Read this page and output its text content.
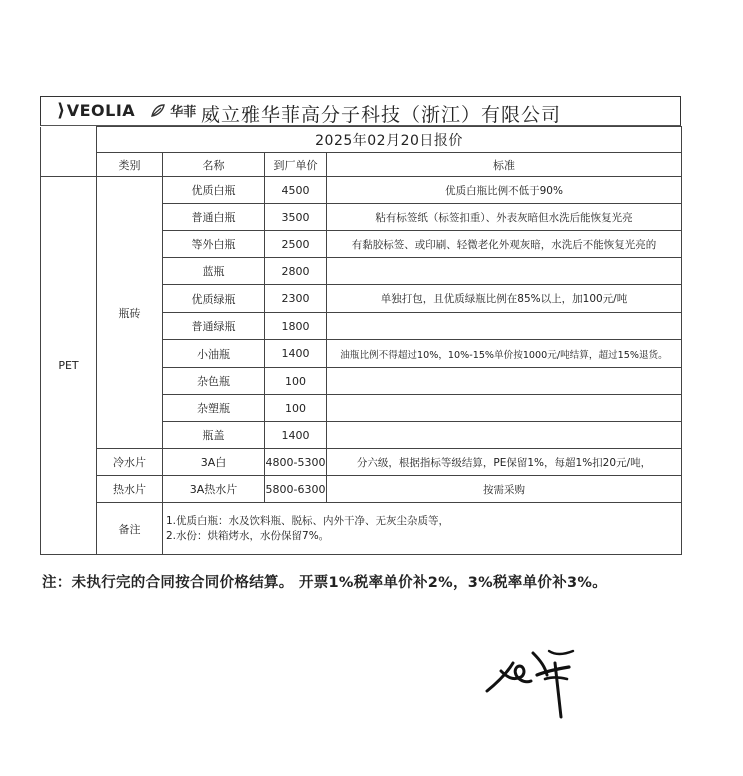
⟩VEOLIA	华菲 威立雅华菲高分子科技（浙江）有限公司
	2025年02月20日报价			
	类别	名称	到厂单价	标准
PET	瓶砖	优质白瓶	4500	优质白瓶比例不低于90%
		普通白瓶	3500	粘有标签纸（标签扣重）、外表灰暗但水洗后能恢复光亮
		等外白瓶	2500	有黏胶标签、或印刷、轻微老化外观灰暗，水洗后不能恢复光亮的
		蓝瓶	2800	
		优质绿瓶	2300	单独打包，且优质绿瓶比例在85%以上，加100元/吨
		普通绿瓶	1800	
		小油瓶	1400	油瓶比例不得超过10%，10%-15%单价按1000元/吨结算，超过15%退货。
		杂色瓶	100	
		杂塑瓶	100	
		瓶盖	1400	
	冷水片	3A白	4800-5300	分六级，根据指标等级结算，PE保留1%，每超1%扣20元/吨，
	热水片	3A热水片	5800-6300	按需采购
	备注	1.优质白瓶：水及饮料瓶、脱标、内外干净、无灰尘杂质等，
2.水份：烘箱烤水，水份保留7%。		
注：未执行完的合同按合同价格结算。 开票1%税率单价补2%，3%税率单价补3%。
